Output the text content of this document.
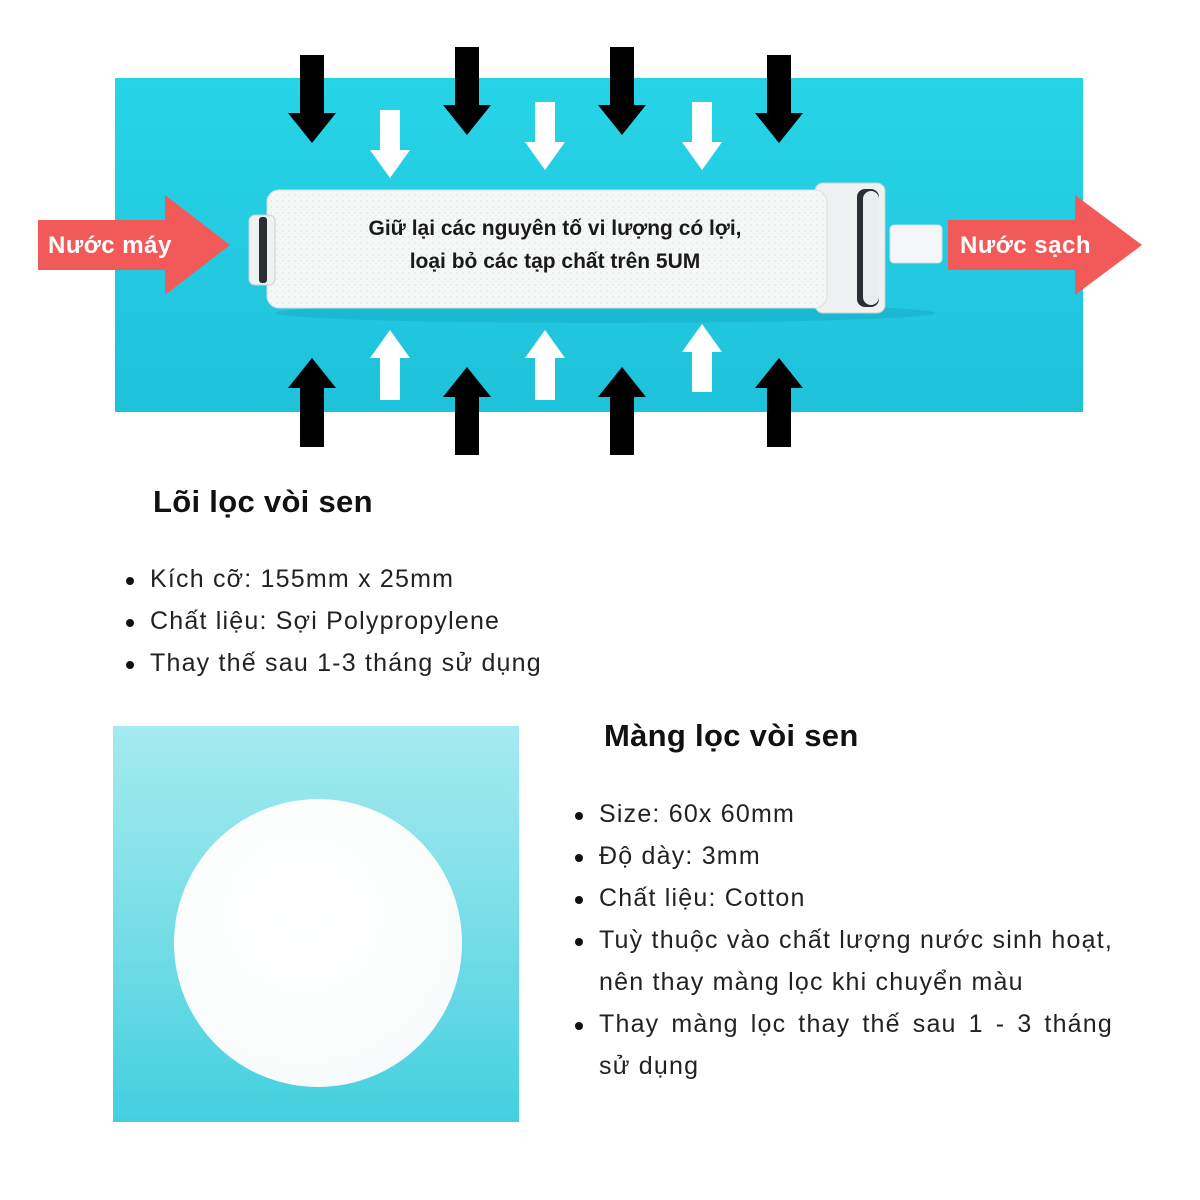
Nước máy	Nước sạch
Giữ lại các nguyên tố vi lượng có lợi,
loại bỏ các tạp chất trên 5UM
Lõi lọc vòi sen
Kích cỡ: 155mm x 25mm
Chất liệu: Sợi Polypropylene
Thay thế sau 1-3 tháng sử dụng
Màng lọc vòi sen
Size: 60x 60mm
Độ dày: 3mm
Chất liệu: Cotton
Tuỳ thuộc vào chất lượng nước sinh hoạt, nên thay màng lọc khi chuyển màu
Thay màng lọc thay thế sau 1 - 3 tháng sử dụng
